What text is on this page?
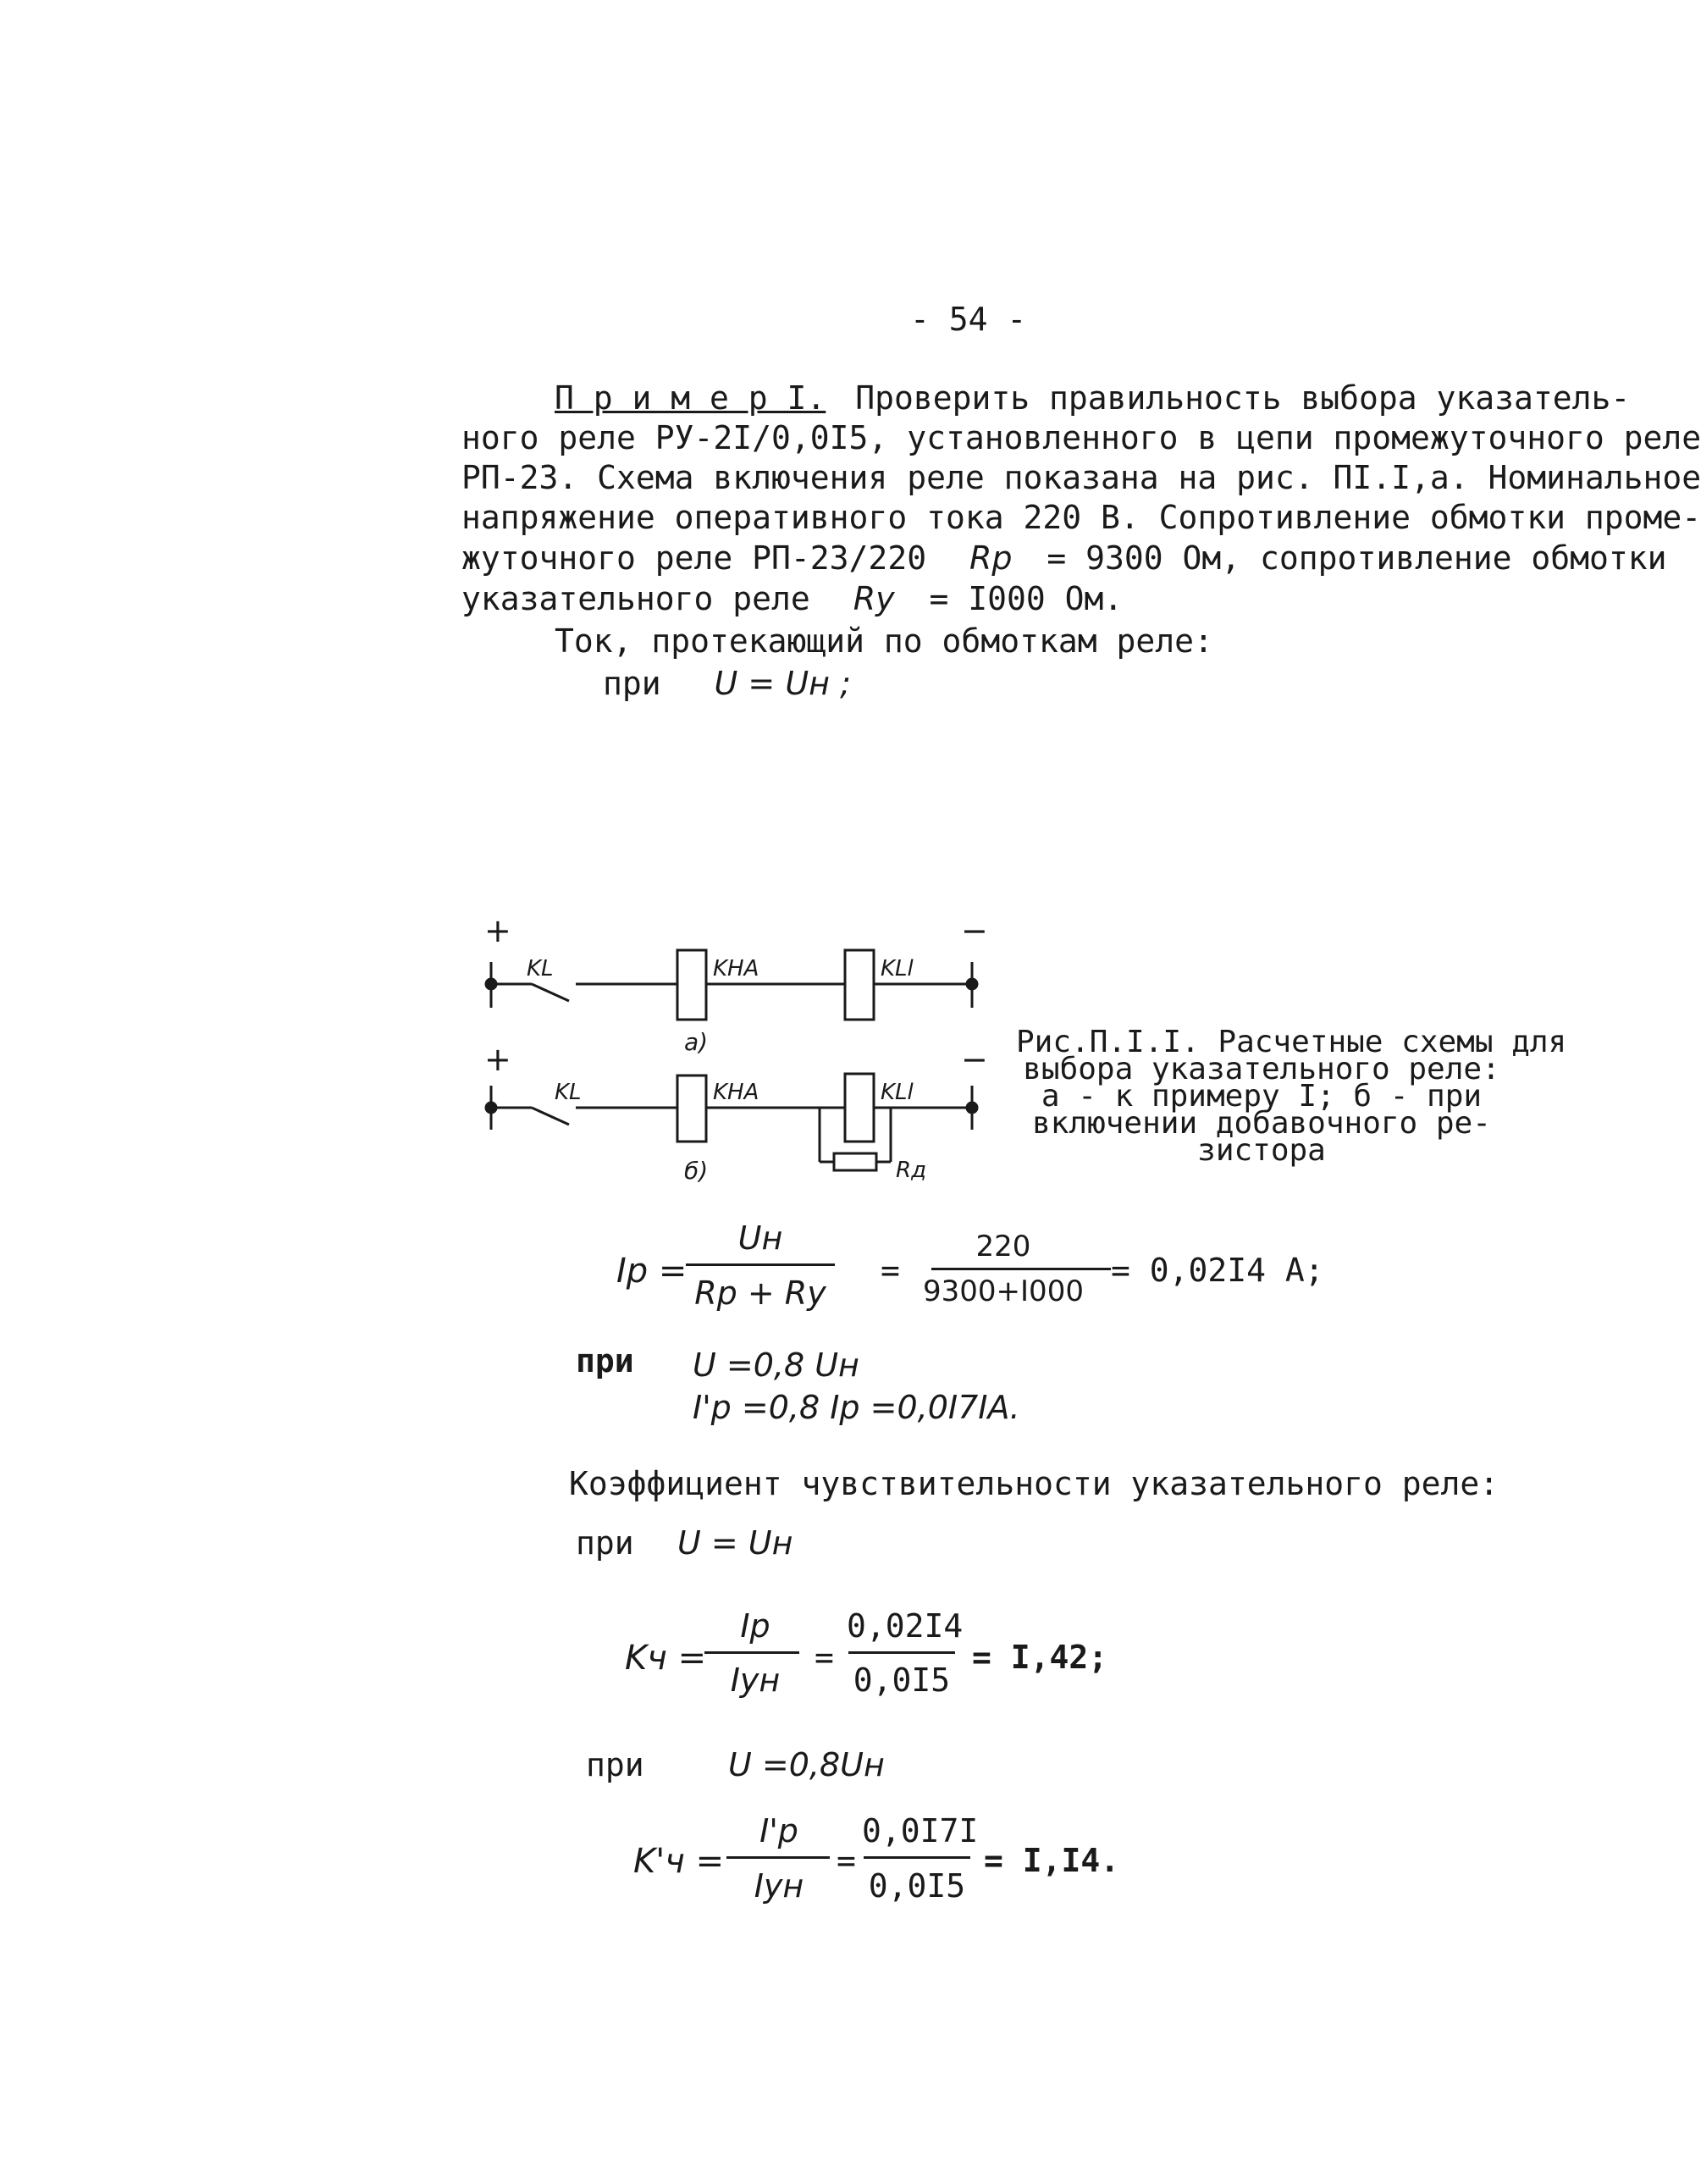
- 54 -
П р и м е р I. Проверить правильность выбора указатель-
ного реле РУ-2I/0,0I5, установленного в цепи промежуточного реле
РП-23. Схема включения реле показана на рис. ПI.I,а. Номинальное
напряжение оперативного тока 220 В. Сопротивление обмотки проме-
жуточного реле РП-23/220 Rр = 9300 Ом, сопротивление обмотки
указательного реле Rу = I000 Ом.
Ток, протекающий по обмоткам реле:
при U = Uн ;
+	−
KL	KHA	KLl
а)
+	−
KL	KHA	KLl
б)	Rд
Рис.П.I.I. Расчетные схемы для
выбора указательного реле:
а - к примеру I; б - при
включении добавочного ре-
зистора
Iр =
Uн
Rр + Rу
=
220
9300+I000
= 0,02I4 А;
при U =0,8 Uн
I'р =0,8 Iр =0,0I7IА.
Коэффициент чувствительности указательного реле:
при U = Uн
Kч =
Iр
Iун
=
0,02I4
0,0I5
= I,42;
при	U =0,8Uн
K'ч =
I'р
Iун
=
0,0I7I
0,0I5
= I,I4.
